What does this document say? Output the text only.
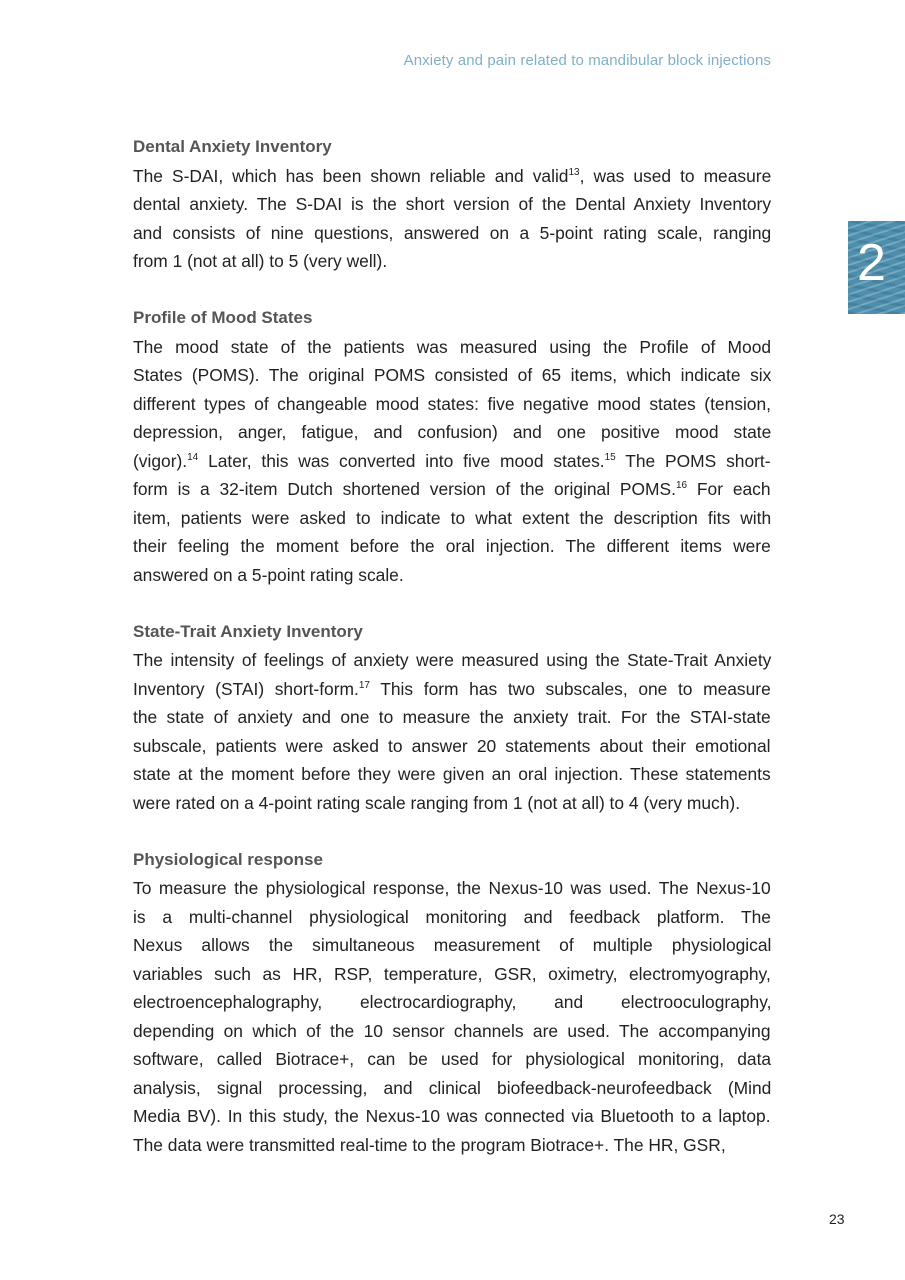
Anxiety and pain related to mandibular block injections
2
Dental Anxiety Inventory
The S-DAI, which has been shown reliable and valid$^{13}$, was used to measure
dental anxiety. The S-DAI is the short version of the Dental Anxiety Inventory
and consists of nine questions, answered on a 5-point rating scale, ranging
from 1 (not at all) to 5 (very well).
Profile of Mood States
The mood state of the patients was measured using the Profile of Mood
States (POMS). The original POMS consisted of 65 items, which indicate six
different types of changeable mood states: five negative mood states (tension,
depression, anger, fatigue, and confusion) and one positive mood state
(vigor).$^{14}$ Later, this was converted into five mood states.$^{15}$ The POMS short-
form is a 32-item Dutch shortened version of the original POMS.$^{16}$ For each
item, patients were asked to indicate to what extent the description fits with
their feeling the moment before the oral injection. The different items were
answered on a 5-point rating scale.
State-Trait Anxiety Inventory
The intensity of feelings of anxiety were measured using the State-Trait Anxiety
Inventory (STAI) short-form.$^{17}$ This form has two subscales, one to measure
the state of anxiety and one to measure the anxiety trait. For the STAI-state
subscale, patients were asked to answer 20 statements about their emotional
state at the moment before they were given an oral injection. These statements
were rated on a 4-point rating scale ranging from 1 (not at all) to 4 (very much).
Physiological response
To measure the physiological response, the Nexus-10 was used. The Nexus-10
is a multi-channel physiological monitoring and feedback platform. The
Nexus allows the simultaneous measurement of multiple physiological
variables such as HR, RSP, temperature, GSR, oximetry, electromyography,
electroencephalography, electrocardiography, and electrooculography,
depending on which of the 10 sensor channels are used. The accompanying
software, called Biotrace+, can be used for physiological monitoring, data
analysis, signal processing, and clinical biofeedback-neurofeedback (Mind
Media BV). In this study, the Nexus-10 was connected via Bluetooth to a laptop.
The data were transmitted real-time to the program Biotrace+. The HR, GSR,
23
